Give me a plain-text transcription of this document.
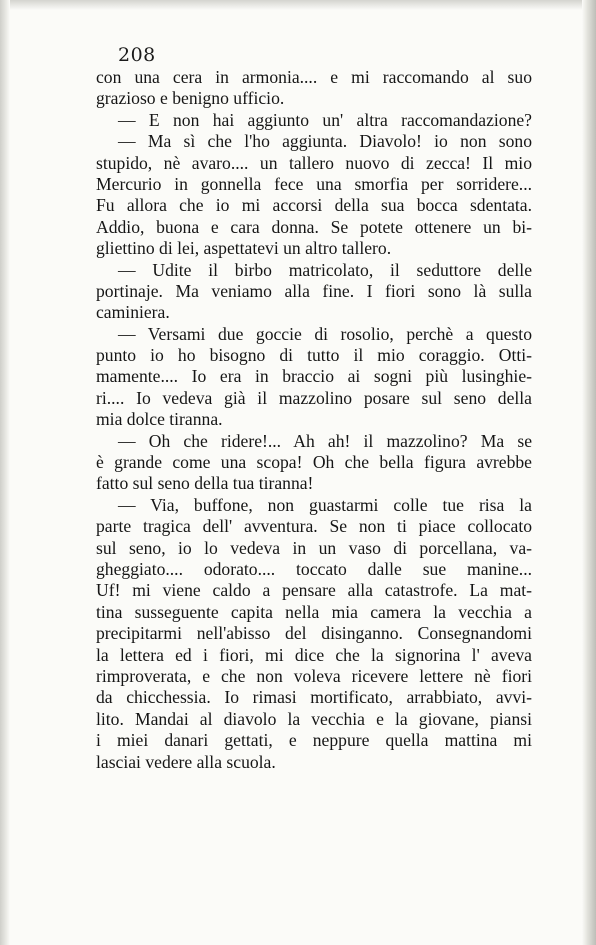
208
con una cera in armonia.... e mi raccomando al suo
grazioso e benigno ufficio.
— E non hai aggiunto un' altra raccomandazione?
— Ma sì che l'ho aggiunta. Diavolo! io non sono
stupido, nè avaro.... un tallero nuovo di zecca! Il mio
Mercurio in gonnella fece una smorfia per sorridere...
Fu allora che io mi accorsi della sua bocca sdentata.
Addio, buona e cara donna. Se potete ottenere un bi-
gliettino di lei, aspettatevi un altro tallero.
— Udite il birbo matricolato, il seduttore delle
portinaje. Ma veniamo alla fine. I fiori sono là sulla
caminiera.
— Versami due goccie di rosolio, perchè a questo
punto io ho bisogno di tutto il mio coraggio. Otti-
mamente.... Io era in braccio ai sogni più lusinghie-
ri.... Io vedeva già il mazzolino posare sul seno della
mia dolce tiranna.
— Oh che ridere!... Ah ah! il mazzolino? Ma se
è grande come una scopa! Oh che bella figura avrebbe
fatto sul seno della tua tiranna!
— Via, buffone, non guastarmi colle tue risa la
parte tragica dell' avventura. Se non ti piace collocato
sul seno, io lo vedeva in un vaso di porcellana, va-
gheggiato.... odorato.... toccato dalle sue manine...
Uf! mi viene caldo a pensare alla catastrofe. La mat-
tina susseguente capita nella mia camera la vecchia a
precipitarmi nell'abisso del disinganno. Consegnandomi
la lettera ed i fiori, mi dice che la signorina l' aveva
rimproverata, e che non voleva ricevere lettere nè fiori
da chicchessia. Io rimasi mortificato, arrabbiato, avvi-
lito. Mandai al diavolo la vecchia e la giovane, piansi
i miei danari gettati, e neppure quella mattina mi
lasciai vedere alla scuola.
